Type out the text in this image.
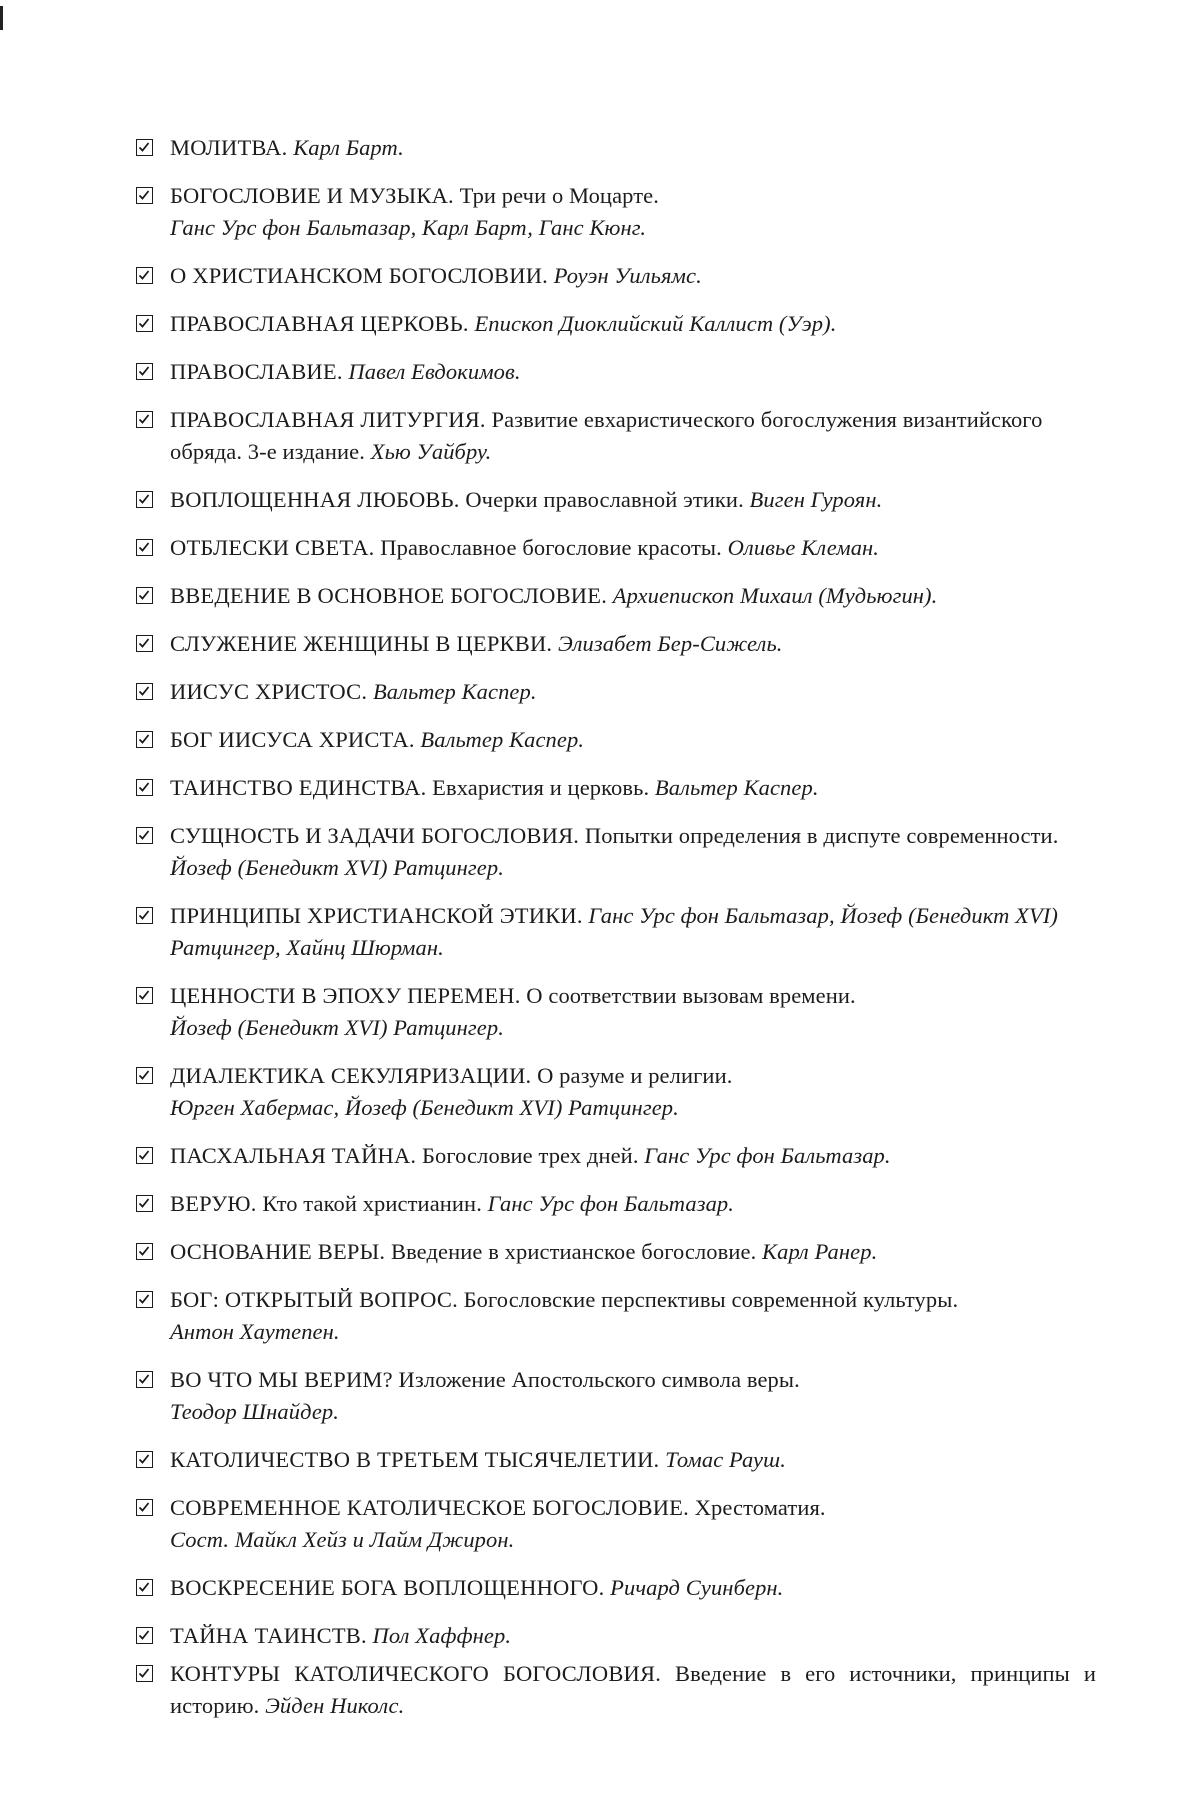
МОЛИТВА. Карл Барт.
БОГОСЛОВИЕ И МУЗЫКА. Три речи о Моцарте.
Ганс Урс фон Бальтазар, Карл Барт, Ганс Кюнг.
О ХРИСТИАНСКОМ БОГОСЛОВИИ. Роуэн Уильямс.
ПРАВОСЛАВНАЯ ЦЕРКОВЬ. Епископ Диоклийский Каллист (Уэр).
ПРАВОСЛАВИЕ. Павел Евдокимов.
ПРАВОСЛАВНАЯ ЛИТУРГИЯ. Развитие евхаристического богослужения византийского обряда. 3-е издание. Хью Уайбру.
ВОПЛОЩЕННАЯ ЛЮБОВЬ. Очерки православной этики. Виген Гуроян.
ОТБЛЕСКИ СВЕТА. Православное богословие красоты. Оливье Клеман.
ВВЕДЕНИЕ В ОСНОВНОЕ БОГОСЛОВИЕ. Архиепископ Михаил (Мудьюгин).
СЛУЖЕНИЕ ЖЕНЩИНЫ В ЦЕРКВИ. Элизабет Бер-Сижель.
ИИСУС ХРИСТОС. Вальтер Каспер.
БОГ ИИСУСА ХРИСТА. Вальтер Каспер.
ТАИНСТВО ЕДИНСТВА. Евхаристия и церковь. Вальтер Каспер.
СУЩНОСТЬ И ЗАДАЧИ БОГОСЛОВИЯ. Попытки определения в диспуте современности. Йозеф (Бенедикт XVI) Ратцингер.
ПРИНЦИПЫ ХРИСТИАНСКОЙ ЭТИКИ. Ганс Урс фон Бальтазар, Йозеф (Бенедикт XVI) Ратцингер, Хайнц Шюрман.
ЦЕННОСТИ В ЭПОХУ ПЕРЕМЕН. О соответствии вызовам времени.
Йозеф (Бенедикт XVI) Ратцингер.
ДИАЛЕКТИКА СЕКУЛЯРИЗАЦИИ. О разуме и религии.
Юрген Хабермас, Йозеф (Бенедикт XVI) Ратцингер.
ПАСХАЛЬНАЯ ТАЙНА. Богословие трех дней. Ганс Урс фон Бальтазар.
ВЕРУЮ. Кто такой христианин. Ганс Урс фон Бальтазар.
ОСНОВАНИЕ ВЕРЫ. Введение в христианское богословие. Карл Ранер.
БОГ: ОТКРЫТЫЙ ВОПРОС. Богословские перспективы современной культуры.
Антон Хаутепен.
ВО ЧТО МЫ ВЕРИМ? Изложение Апостольского символа веры.
Теодор Шнайдер.
КАТОЛИЧЕСТВО В ТРЕТЬЕМ ТЫСЯЧЕЛЕТИИ. Томас Рауш.
СОВРЕМЕННОЕ КАТОЛИЧЕСКОЕ БОГОСЛОВИЕ. Хрестоматия.
Сост. Майкл Хейз и Лайм Джирон.
ВОСКРЕСЕНИЕ БОГА ВОПЛОЩЕННОГО. Ричард Суинберн.
ТАЙНА ТАИНСТВ. Пол Хаффнер.
КОНТУРЫ КАТОЛИЧЕСКОГО БОГОСЛОВИЯ. Введение в его источники, принципы и историю. Эйден Николс.
